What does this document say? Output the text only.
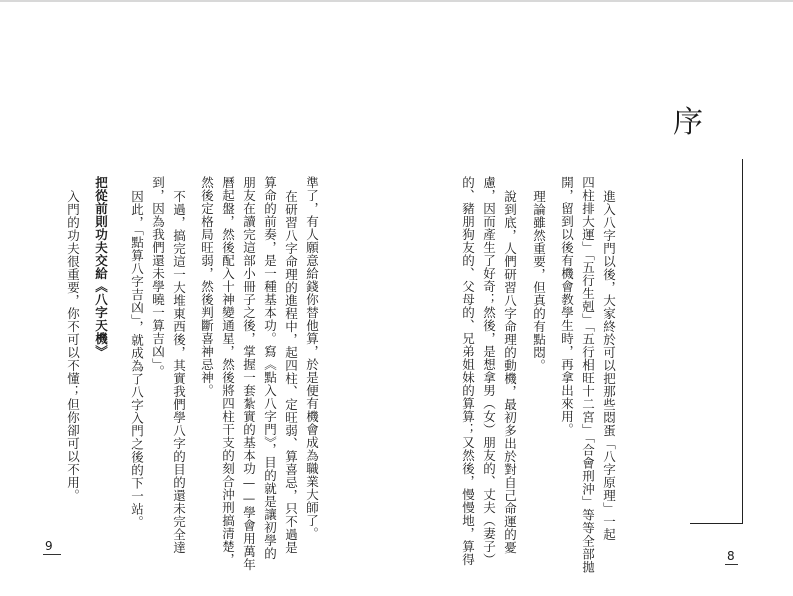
序
進入八字門以後，大家終於可以把那些悶蛋「八字原理」一起
四柱排大運」「五行生剋」「五行相旺十二宮」「合會刑沖」等等全部拋
開，留到以後有機會教學生時，再拿出來用。
理論雖然重要，但真的有點悶。
說到底，人們研習八字命理的動機，最初多出於對自己命運的憂
慮，因而產生了好奇；然後，是想拿男（女）朋友的、丈夫（妻子）
的、豬朋狗友的、父母的、兄弟姐妹的算算；又然後，慢慢地，算得
準了，有人願意給錢你替他算，於是便有機會成為職業大師了。
在研習八字命理的進程中，起四柱、定旺弱、算喜忌，只不過是
算命的前奏，是一種基本功。寫《點入八字門》，目的就是讓初學的
朋友在讀完這部小冊子之後，掌握一套紮實的基本功——學會用萬年
曆起盤，然後配入十神變通星，然後將四柱干支的刻合沖刑搞清楚，
然後定格局旺弱，然後判斷喜神忌神。
不過，搞完這一大堆東西後，其實我們學八字的目的還未完全達
到，因為我們還未學曉一算吉凶」。
因此，「點算八字吉凶」，就成為了八字入門之後的下一站。
把從前則功夫交給《八字天機》
入門的功夫很重要，你不可以不懂；但你卻可以不用。
9
8
